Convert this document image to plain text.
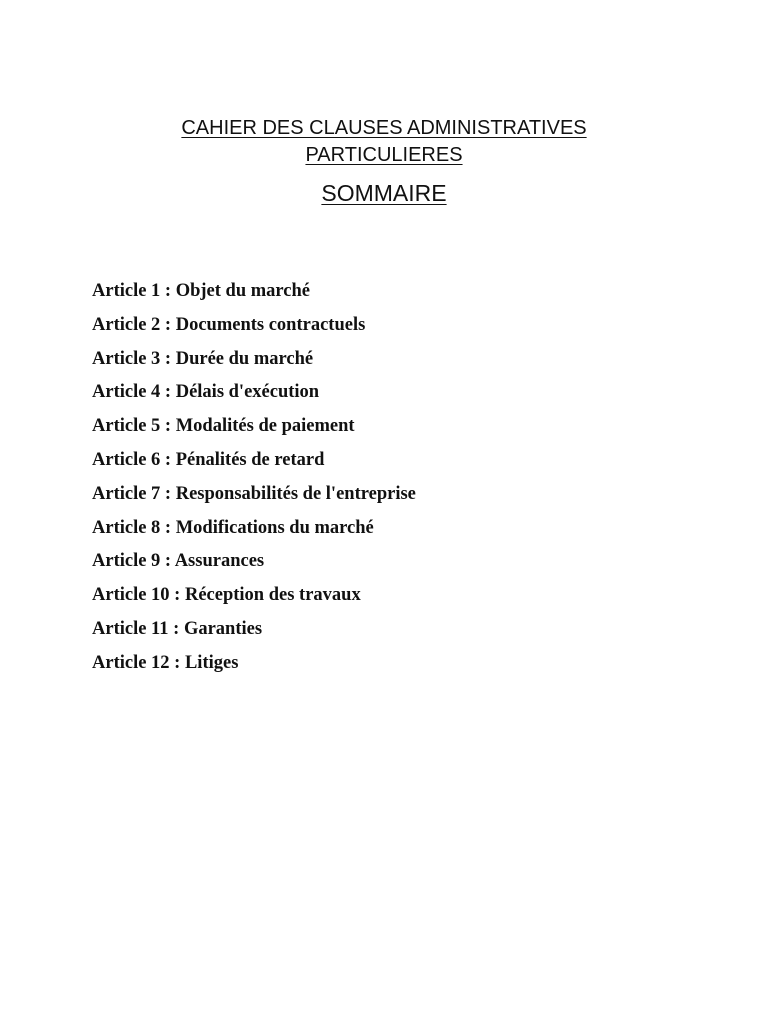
CAHIER DES CLAUSES ADMINISTRATIVES
PARTICULIERES
SOMMAIRE
Article 1 : Objet du marché
Article 2 : Documents contractuels
Article 3 : Durée du marché
Article 4 : Délais d'exécution
Article 5 : Modalités de paiement
Article 6 : Pénalités de retard
Article 7 : Responsabilités de l'entreprise
Article 8 : Modifications du marché
Article 9 : Assurances
Article 10 : Réception des travaux
Article 11 : Garanties
Article 12 : Litiges
